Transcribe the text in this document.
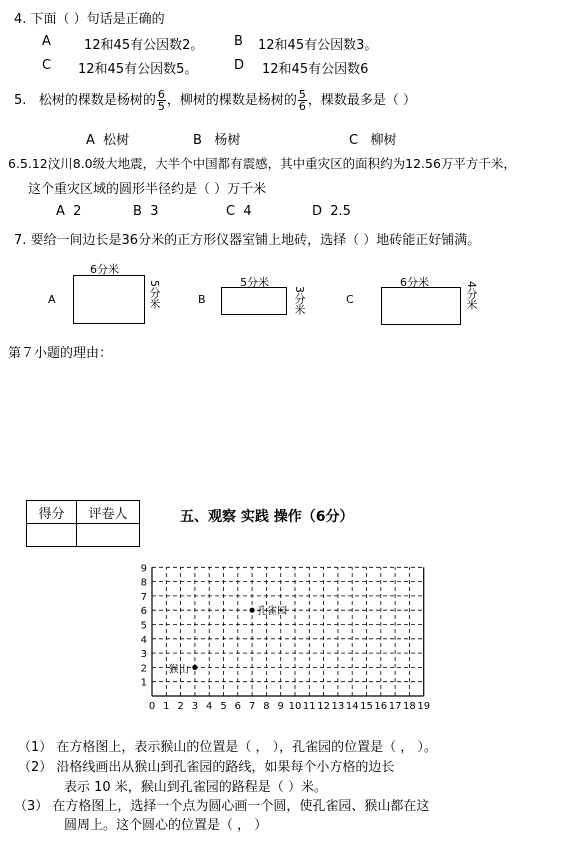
4. 下面（ ）句话是正确的
A	12和45有公因数2。 B 12和45有公因数3。
C 12和45有公因数5。	D 12和45有公因数6
5. 松树的棵数是杨树的 $\frac{6}{5}$ ，柳树的棵数是杨树的 $\frac{5}{6}$ ，棵数最多是（ ）
A 松树	B 杨树	C 柳树
6.5.12汶川8.0级大地震，大半个中国都有震感，其中重灾区的面积约为12.56万平方千米，
这个重灾区域的圆形半径约是（ ）万千米
A 2	B 3	C 4	D 2.5
7. 要给一间边长是36分米的正方形仪器室铺上地砖，选择（ ）地砖能正好铺满。
A
6分米
5分米	B
5分米
3分米	C
6分米	4分米
第７小题的理由：
得分	评卷人
		五、观察 实践 操作（6分）
0 1 2 3 4 5 6 7 8 9 10 11 12 13 14 15 16 17 18 19
1
2
3
4
5
6
7
8
9
孔雀园
猴山
（1） 在方格图上，表示猴山的位置是（ ， ），孔雀园的位置是（ ， ）。
（2） 沿格线画出从猴山到孔雀园的路线，如果每个小方格的边长
表示 10 米，猴山到孔雀园的路程是（ ）米。
（3） 在方格图上，选择一个点为圆心画一个圆，使孔雀园、猴山都在这
圆周上。这个圆心的位置是（ ， ）
